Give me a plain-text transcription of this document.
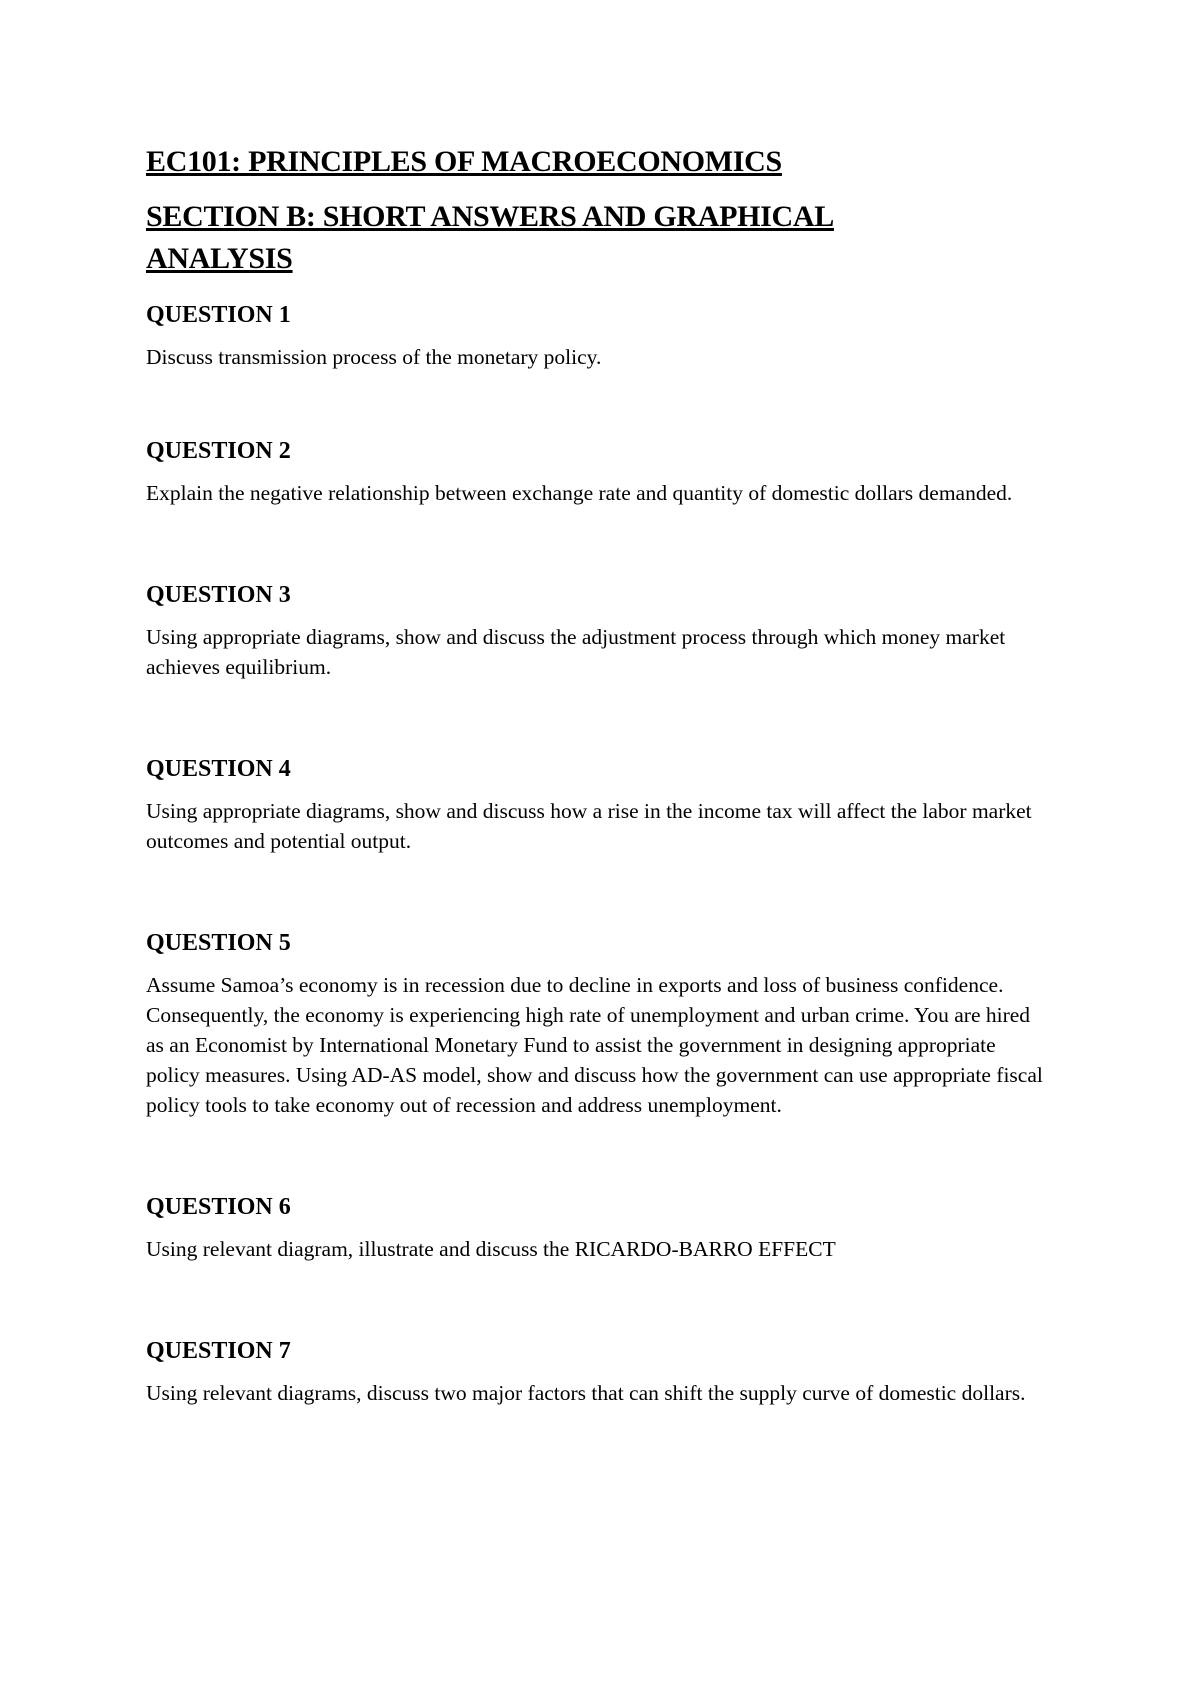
EC101: PRINCIPLES OF MACROECONOMICS
SECTION B: SHORT ANSWERS AND GRAPHICAL ANALYSIS
QUESTION 1

Discuss transmission process of the monetary policy.

QUESTION 2

Explain the negative relationship between exchange rate and quantity of domestic dollars demanded.

QUESTION 3

Using appropriate diagrams, show and discuss the adjustment process through which money market achieves equilibrium.

QUESTION 4

Using appropriate diagrams, show and discuss how a rise in the income tax will affect the labor market outcomes and potential output.

QUESTION 5

Assume Samoa’s economy is in recession due to decline in exports and loss of business confidence. Consequently, the economy is experiencing high rate of unemployment and urban crime. You are hired as an Economist by International Monetary Fund to assist the government in designing appropriate policy measures. Using AD-AS model, show and discuss how the government can use appropriate fiscal policy tools to take economy out of recession and address unemployment.

QUESTION 6

Using relevant diagram, illustrate and discuss the RICARDO-BARRO EFFECT

QUESTION 7

Using relevant diagrams, discuss two major factors that can shift the supply curve of domestic dollars.
